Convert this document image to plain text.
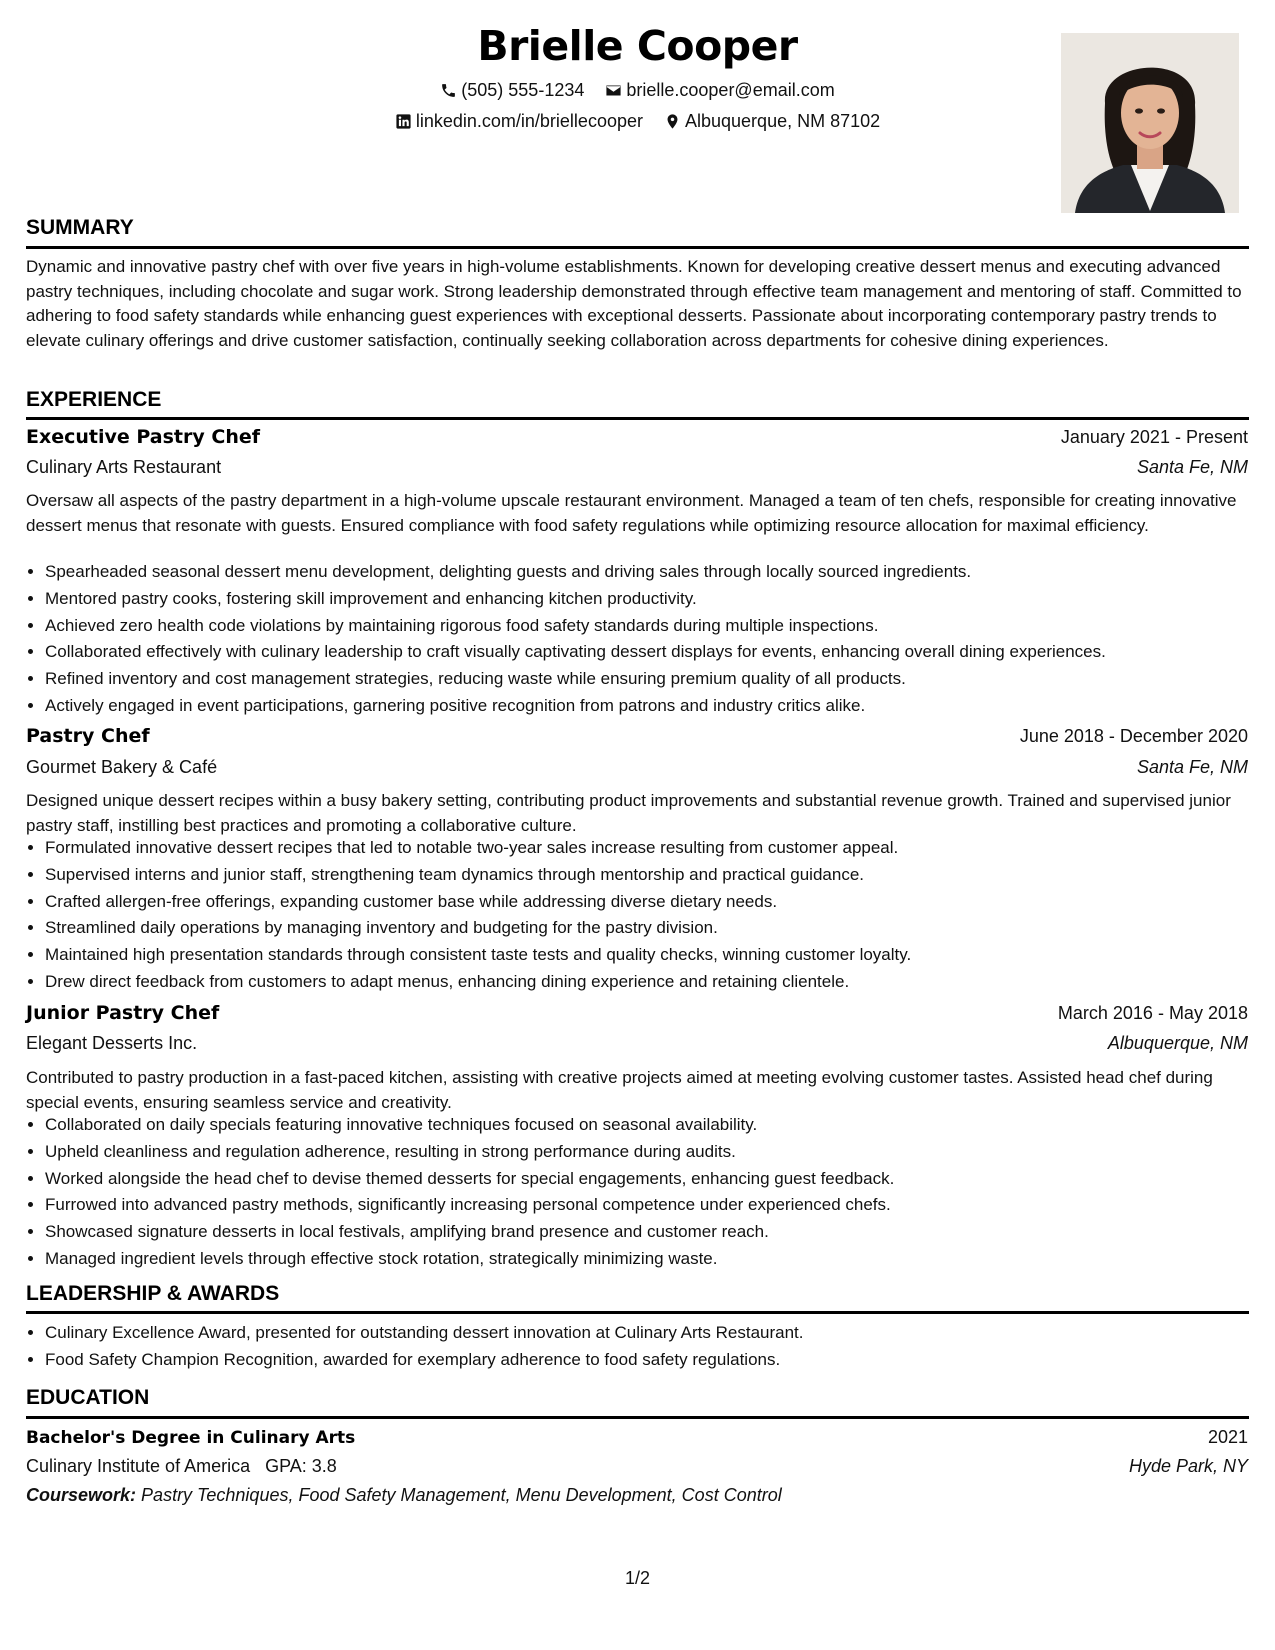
Brielle Cooper
(505) 555-1234
brielle.cooper@email.com
linkedin.com/in/briellecooper
Albuquerque, NM 87102
SUMMARY
Dynamic and innovative pastry chef with over five years in high-volume establishments. Known for developing creative dessert menus and executing advanced pastry techniques, including chocolate and sugar work. Strong leadership demonstrated through effective team management and mentoring of staff. Committed to adhering to food safety standards while enhancing guest experiences with exceptional desserts. Passionate about incorporating contemporary pastry trends to elevate culinary offerings and drive customer satisfaction, continually seeking collaboration across departments for cohesive dining experiences.
EXPERIENCE
Executive Pastry Chef	January 2021 - Present
Culinary Arts Restaurant	Santa Fe, NM
Oversaw all aspects of the pastry department in a high-volume upscale restaurant environment. Managed a team of ten chefs, responsible for creating innovative dessert menus that resonate with guests. Ensured compliance with food safety regulations while optimizing resource allocation for maximal efficiency.
• Spearheaded seasonal dessert menu development, delighting guests and driving sales through locally sourced ingredients.
• Mentored pastry cooks, fostering skill improvement and enhancing kitchen productivity.
• Achieved zero health code violations by maintaining rigorous food safety standards during multiple inspections.
• Collaborated effectively with culinary leadership to craft visually captivating dessert displays for events, enhancing overall dining experiences.
• Refined inventory and cost management strategies, reducing waste while ensuring premium quality of all products.
• Actively engaged in event participations, garnering positive recognition from patrons and industry critics alike.
Pastry Chef	June 2018 - December 2020
Gourmet Bakery & Café	Santa Fe, NM
Designed unique dessert recipes within a busy bakery setting, contributing product improvements and substantial revenue growth. Trained and supervised junior pastry staff, instilling best practices and promoting a collaborative culture.
• Formulated innovative dessert recipes that led to notable two-year sales increase resulting from customer appeal.
• Supervised interns and junior staff, strengthening team dynamics through mentorship and practical guidance.
• Crafted allergen-free offerings, expanding customer base while addressing diverse dietary needs.
• Streamlined daily operations by managing inventory and budgeting for the pastry division.
• Maintained high presentation standards through consistent taste tests and quality checks, winning customer loyalty.
• Drew direct feedback from customers to adapt menus, enhancing dining experience and retaining clientele.
Junior Pastry Chef	March 2016 - May 2018
Elegant Desserts Inc.	Albuquerque, NM
Contributed to pastry production in a fast-paced kitchen, assisting with creative projects aimed at meeting evolving customer tastes. Assisted head chef during special events, ensuring seamless service and creativity.
• Collaborated on daily specials featuring innovative techniques focused on seasonal availability.
• Upheld cleanliness and regulation adherence, resulting in strong performance during audits.
• Worked alongside the head chef to devise themed desserts for special engagements, enhancing guest feedback.
• Furrowed into advanced pastry methods, significantly increasing personal competence under experienced chefs.
• Showcased signature desserts in local festivals, amplifying brand presence and customer reach.
• Managed ingredient levels through effective stock rotation, strategically minimizing waste.
LEADERSHIP & AWARDS
• Culinary Excellence Award, presented for outstanding dessert innovation at Culinary Arts Restaurant.
• Food Safety Champion Recognition, awarded for exemplary adherence to food safety regulations.
EDUCATION
Bachelor's Degree in Culinary Arts	2021
Culinary Institute of America   GPA: 3.8	Hyde Park, NY
Coursework: Pastry Techniques, Food Safety Management, Menu Development, Cost Control
1/2
